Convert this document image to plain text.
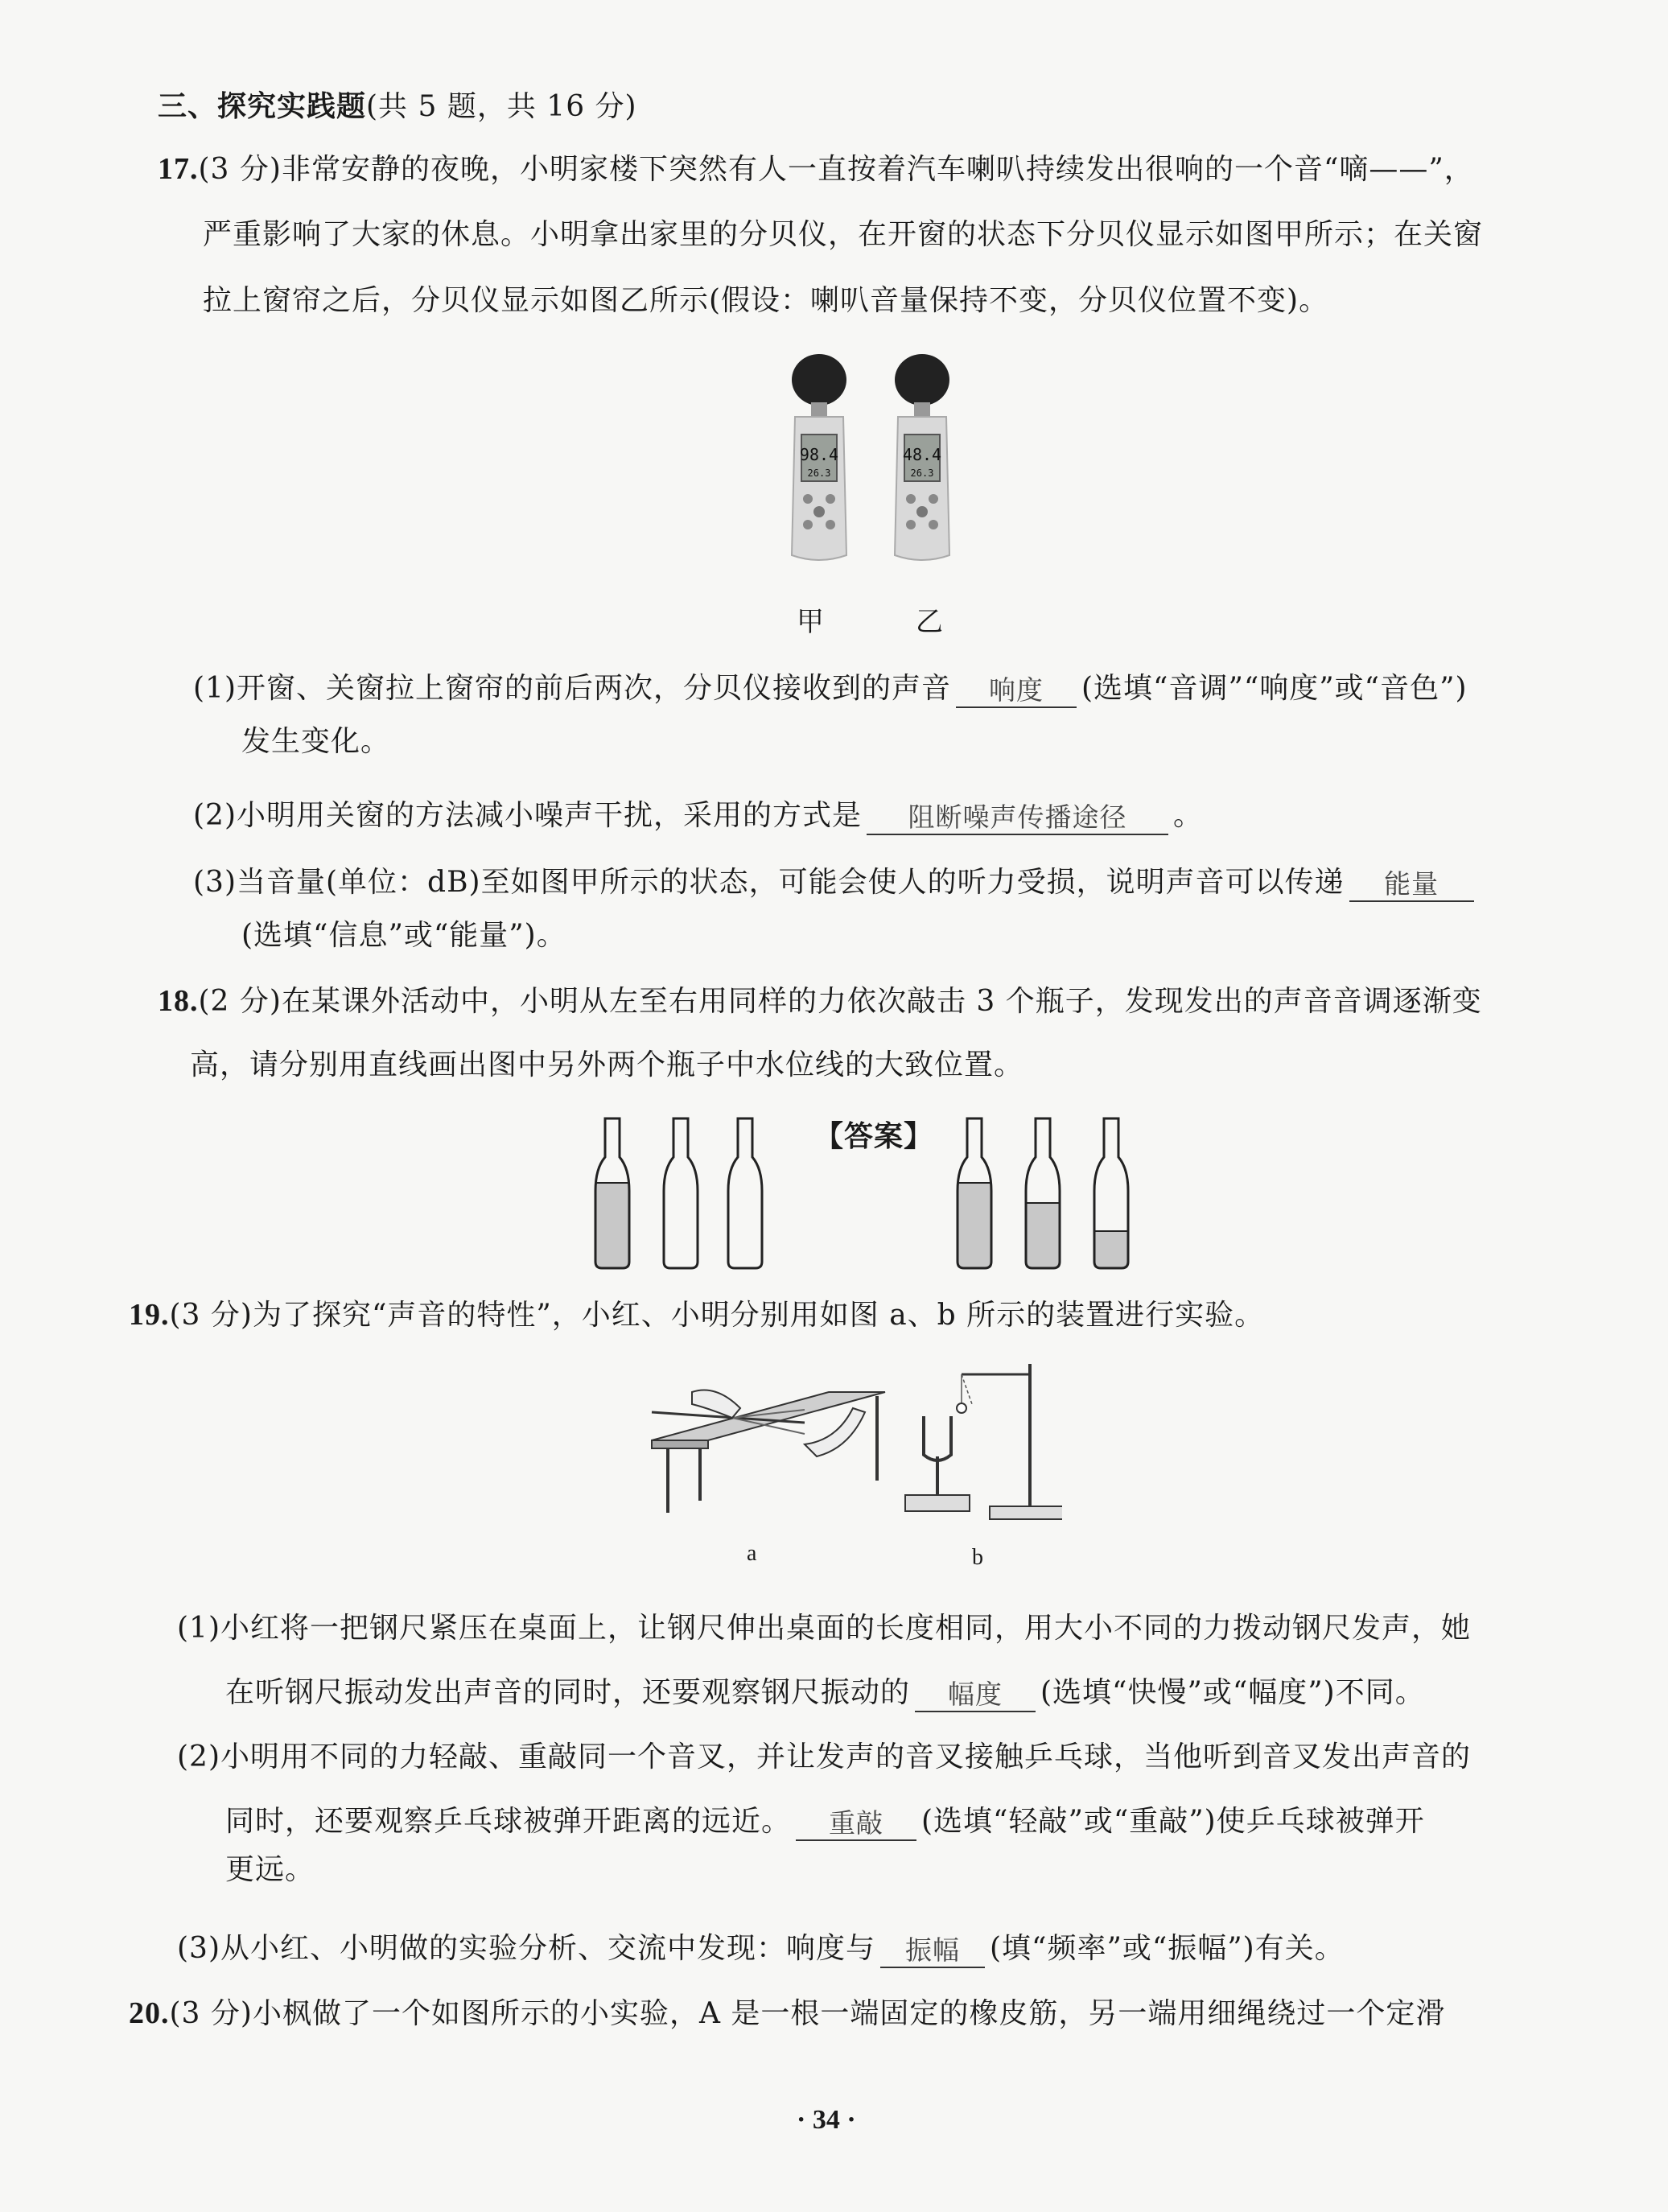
三、探究实践题(共 5 题，共 16 分)
17.(3 分)非常安静的夜晚，小明家楼下突然有人一直按着汽车喇叭持续发出很响的一个音“嘀——”，
严重影响了大家的休息。小明拿出家里的分贝仪，在开窗的状态下分贝仪显示如图甲所示；在关窗
拉上窗帘之后，分贝仪显示如图乙所示(假设：喇叭音量保持不变，分贝仪位置不变)。
98.4
26.3
48.4
26.3
甲	乙
(1)开窗、关窗拉上窗帘的前后两次，分贝仪接收到的声音 响度 (选填“音调”“响度”或“音色”)
发生变化。
(2)小明用关窗的方法减小噪声干扰，采用的方式是 阻断噪声传播途径 。
(3)当音量(单位：dB)至如图甲所示的状态，可能会使人的听力受损，说明声音可以传递 能量
(选填“信息”或“能量”)。
18.(2 分)在某课外活动中，小明从左至右用同样的力依次敲击 3 个瓶子，发现发出的声音音调逐渐变
高，请分别用直线画出图中另外两个瓶子中水位线的大致位置。
【答案】
19.(3 分)为了探究“声音的特性”，小红、小明分别用如图 a、b 所示的装置进行实验。
a	b
(1)小红将一把钢尺紧压在桌面上，让钢尺伸出桌面的长度相同，用大小不同的力拨动钢尺发声，她
在听钢尺振动发出声音的同时，还要观察钢尺振动的 幅度 (选填“快慢”或“幅度”)不同。
(2)小明用不同的力轻敲、重敲同一个音叉，并让发声的音叉接触乒乓球，当他听到音叉发出声音的
同时，还要观察乒乓球被弹开距离的远近。 重敲 (选填“轻敲”或“重敲”)使乒乓球被弹开
更远。
(3)从小红、小明做的实验分析、交流中发现：响度与 振幅 (填“频率”或“振幅”)有关。
20.(3 分)小枫做了一个如图所示的小实验，A 是一根一端固定的橡皮筋，另一端用细绳绕过一个定滑
· 34 ·
